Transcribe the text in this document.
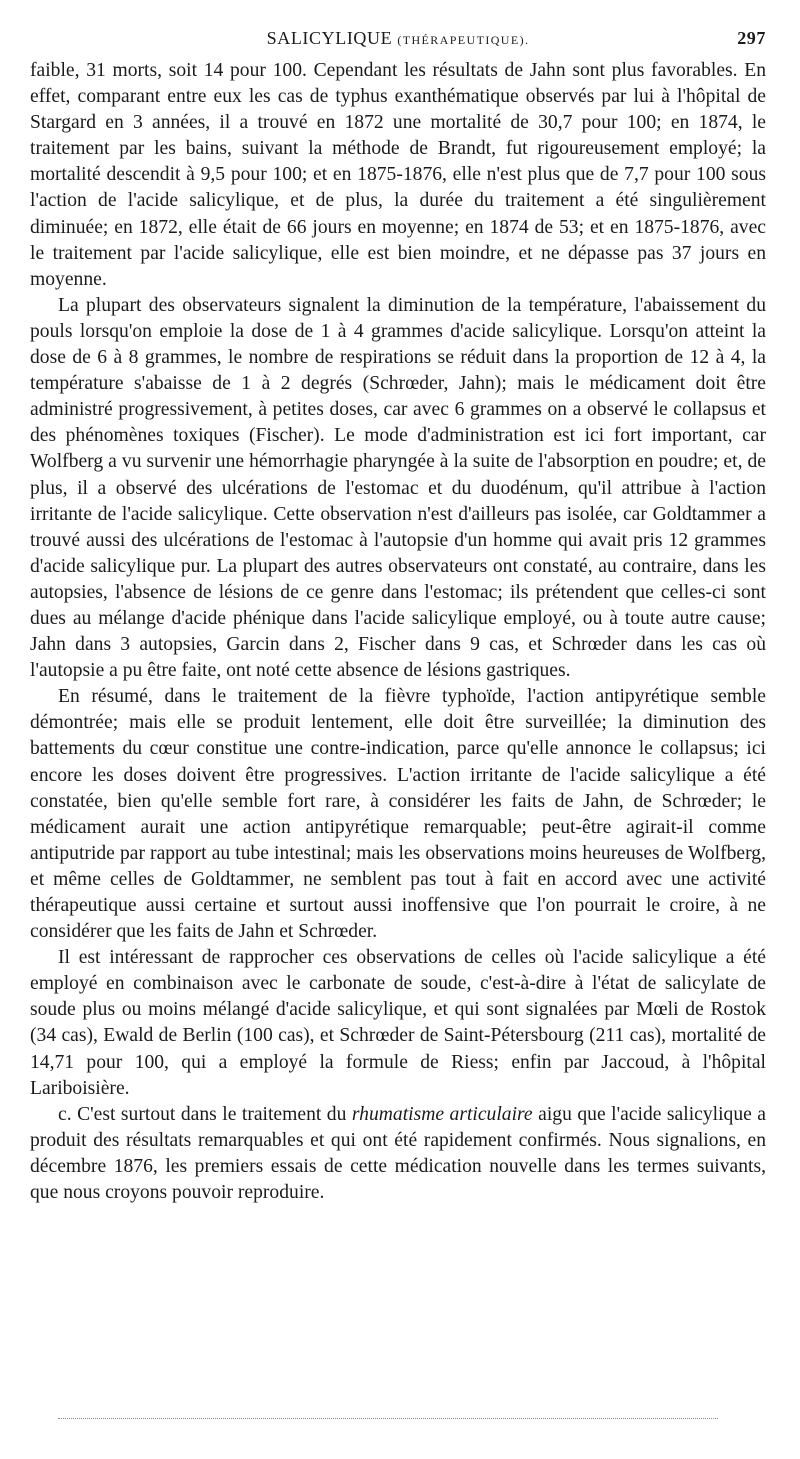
SALICYLIQUE (THÉRAPEUTIQUE).	297

faible, 31 morts, soit 14 pour 100. Cependant les résultats de Jahn sont plus favorables. En effet, comparant entre eux les cas de typhus exanthématique observés par lui à l'hôpital de Stargard en 3 années, il a trouvé en 1872 une mortalité de 30,7 pour 100; en 1874, le traitement par les bains, suivant la méthode de Brandt, fut rigoureusement employé; la mortalité descendit à 9,5 pour 100; et en 1875-1876, elle n'est plus que de 7,7 pour 100 sous l'action de l'acide salicylique, et de plus, la durée du traitement a été singulièrement diminuée; en 1872, elle était de 66 jours en moyenne; en 1874 de 53; et en 1875-1876, avec le traitement par l'acide salicylique, elle est bien moindre, et ne dépasse pas 37 jours en moyenne.

La plupart des observateurs signalent la diminution de la température, l'abaissement du pouls lorsqu'on emploie la dose de 1 à 4 grammes d'acide salicylique. Lorsqu'on atteint la dose de 6 à 8 grammes, le nombre de respirations se réduit dans la proportion de 12 à 4, la température s'abaisse de 1 à 2 degrés (Schrœder, Jahn); mais le médicament doit être administré progressivement, à petites doses, car avec 6 grammes on a observé le collapsus et des phénomènes toxiques (Fischer). Le mode d'administration est ici fort important, car Wolfberg a vu survenir une hémorrhagie pharyngée à la suite de l'absorption en poudre; et, de plus, il a observé des ulcérations de l'estomac et du duodénum, qu'il attribue à l'action irritante de l'acide salicylique. Cette observation n'est d'ailleurs pas isolée, car Goldtammer a trouvé aussi des ulcérations de l'estomac à l'autopsie d'un homme qui avait pris 12 grammes d'acide salicylique pur. La plupart des autres observateurs ont constaté, au contraire, dans les autopsies, l'absence de lésions de ce genre dans l'estomac; ils prétendent que celles-ci sont dues au mélange d'acide phénique dans l'acide salicylique employé, ou à toute autre cause; Jahn dans 3 autopsies, Garcin dans 2, Fischer dans 9 cas, et Schrœder dans les cas où l'autopsie a pu être faite, ont noté cette absence de lésions gastriques.

En résumé, dans le traitement de la fièvre typhoïde, l'action antipyrétique semble démontrée; mais elle se produit lentement, elle doit être surveillée; la diminution des battements du cœur constitue une contre-indication, parce qu'elle annonce le collapsus; ici encore les doses doivent être progressives. L'action irritante de l'acide salicylique a été constatée, bien qu'elle semble fort rare, à considérer les faits de Jahn, de Schrœder; le médicament aurait une action antipyrétique remarquable; peut-être agirait-il comme antiputride par rapport au tube intestinal; mais les observations moins heureuses de Wolfberg, et même celles de Goldtammer, ne semblent pas tout à fait en accord avec une activité thérapeutique aussi certaine et surtout aussi inoffensive que l'on pourrait le croire, à ne considérer que les faits de Jahn et Schrœder.

Il est intéressant de rapprocher ces observations de celles où l'acide salicylique a été employé en combinaison avec le carbonate de soude, c'est-à-dire à l'état de salicylate de soude plus ou moins mélangé d'acide salicylique, et qui sont signalées par Mœli de Rostok (34 cas), Ewald de Berlin (100 cas), et Schrœder de Saint-Pétersbourg (211 cas), mortalité de 14,71 pour 100, qui a employé la formule de Riess; enfin par Jaccoud, à l'hôpital Lariboisière.

c. C'est surtout dans le traitement du rhumatisme articulaire aigu que l'acide salicylique a produit des résultats remarquables et qui ont été rapidement confirmés. Nous signalions, en décembre 1876, les premiers essais de cette médication nouvelle dans les termes suivants, que nous croyons pouvoir reproduire.
